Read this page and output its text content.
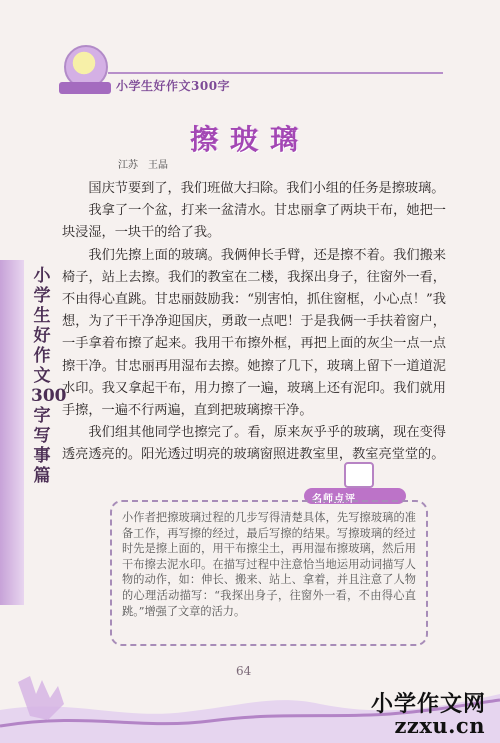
小学生好作文300字
擦玻璃
江苏　王晶
小学生好作文300字写事篇

国庆节要到了，我们班做大扫除。我们小组的任务是擦玻璃。

我拿了一个盆，打来一盆清水。甘忠丽拿了两块干布，她把一块浸湿，一块干的给了我。

我们先擦上面的玻璃。我俩伸长手臂，还是擦不着。我们搬来椅子，站上去擦。我们的教室在二楼，我探出身子，往窗外一看，不由得心直跳。甘忠丽鼓励我：“别害怕，抓住窗框，小心点！”我想，为了干干净净迎国庆，勇敢一点吧！于是我俩一手扶着窗户，一手拿着布擦了起来。我用干布擦外框，再把上面的灰尘一点一点擦干净。甘忠丽再用湿布去擦。她擦了几下，玻璃上留下一道道泥水印。我又拿起干布，用力擦了一遍，玻璃上还有泥印。我们就用手擦，一遍不行两遍，直到把玻璃擦干净。

我们组其他同学也擦完了。看，原来灰乎乎的玻璃，现在变得透亮透亮的。阳光透过明亮的玻璃窗照进教室里，教室亮堂堂的。

名师点评
小作者把擦玻璃过程的几步写得清楚具体，先写擦玻璃的准备工作，再写擦的经过，最后写擦的结果。写擦玻璃的经过时先是擦上面的，用干布擦尘土，再用湿布擦玻璃，然后用干布擦去泥水印。在描写过程中注意恰当地运用动词描写人物的动作，如：伸长、搬来、站上、拿着，并且注意了人物的心理活动描写：“我探出身子，往窗外一看，不由得心直跳。”增强了文章的活力。
64
小学作文网
zzxu.cn
